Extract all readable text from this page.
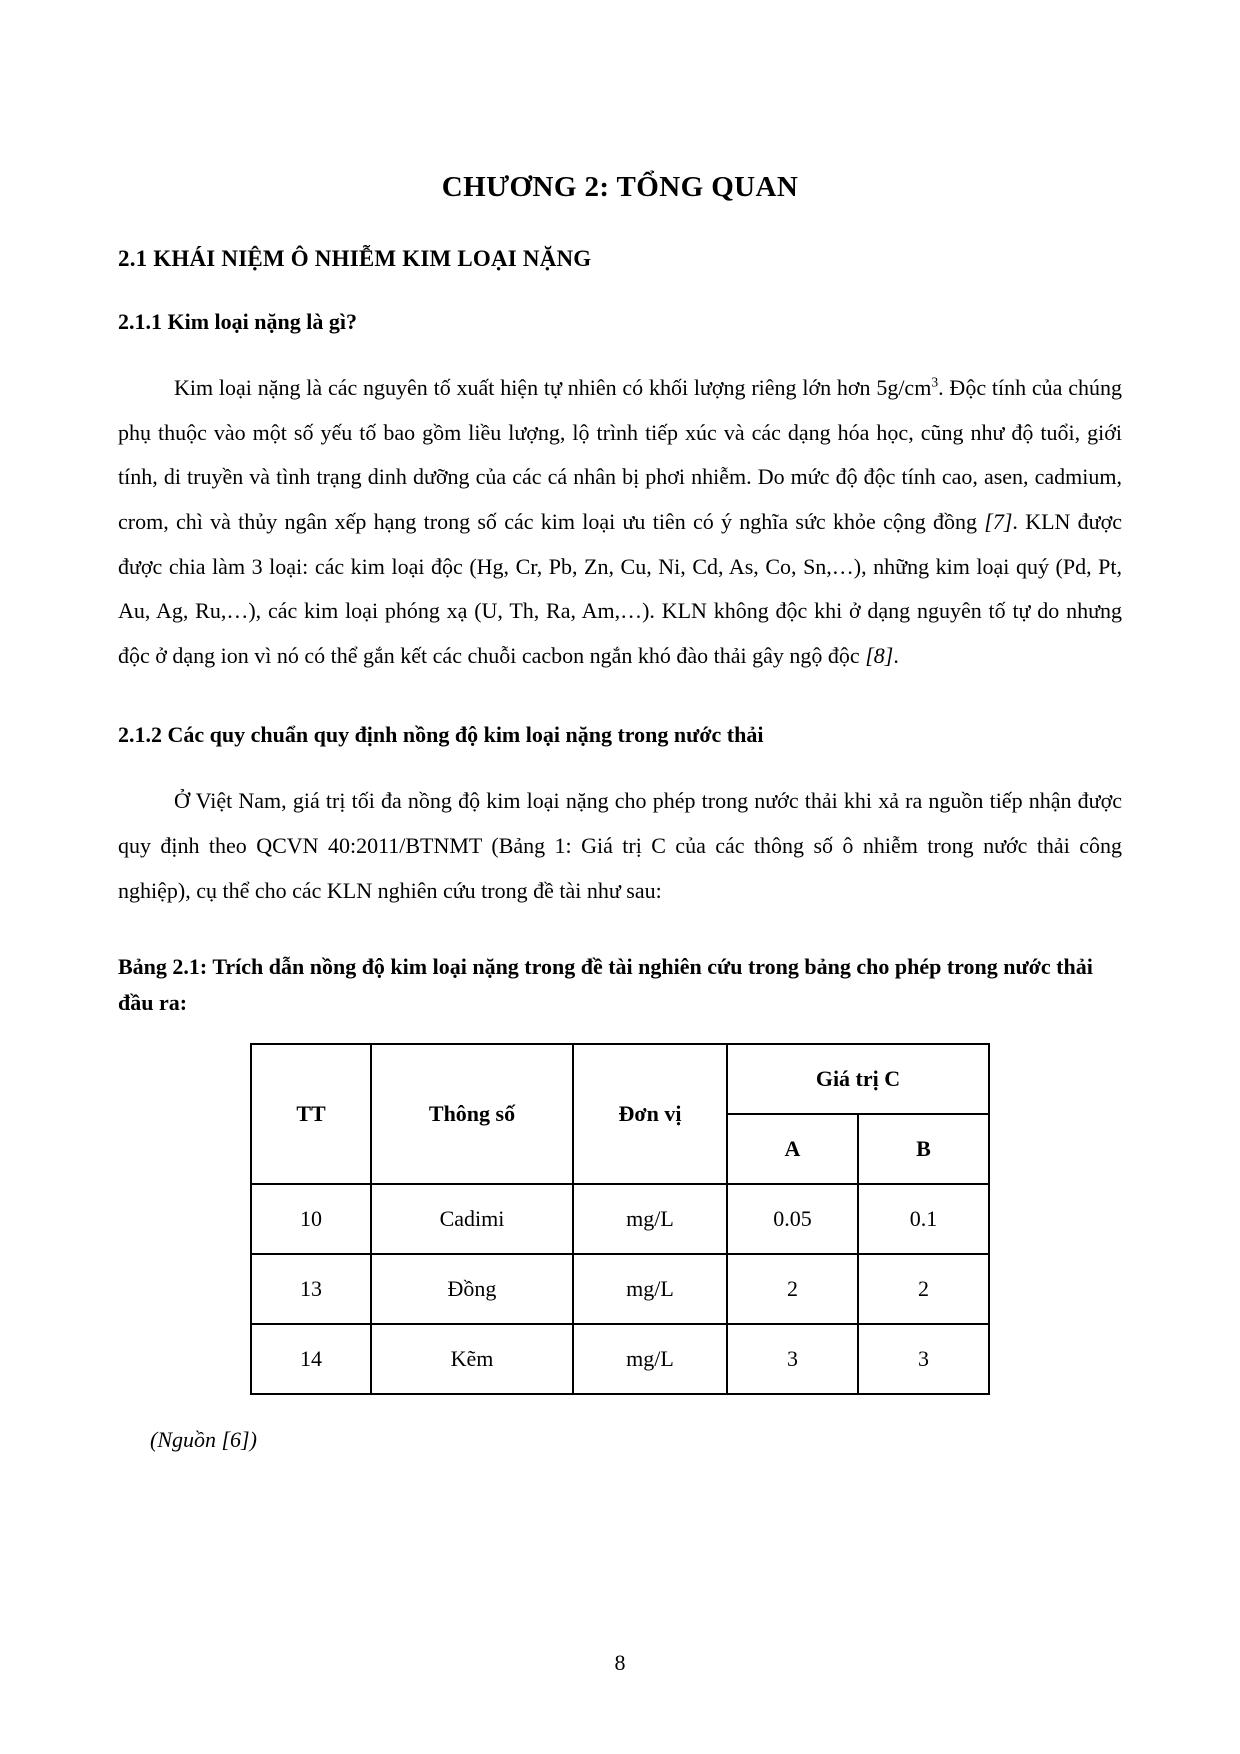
CHƯƠNG 2: TỔNG QUAN
2.1 KHÁI NIỆM Ô NHIỄM KIM LOẠI NẶNG
2.1.1 Kim loại nặng là gì?

Kim loại nặng là các nguyên tố xuất hiện tự nhiên có khối lượng riêng lớn hơn $5g/cm^3$. Độc tính của chúng phụ thuộc vào một số yếu tố bao gồm liều lượng, lộ trình tiếp xúc và các dạng hóa học, cũng như độ tuổi, giới tính, di truyền và tình trạng dinh dưỡng của các cá nhân bị phơi nhiễm. Do mức độ độc tính cao, asen, cadmium, crom, chì và thủy ngân xếp hạng trong số các kim loại ưu tiên có ý nghĩa sức khỏe cộng đồng [7]. KLN được được chia làm 3 loại: các kim loại độc (Hg, Cr, Pb, Zn, Cu, Ni, Cd, As, Co, Sn,…), những kim loại quý (Pd, Pt, Au, Ag, Ru,…), các kim loại phóng xạ (U, Th, Ra, Am,…). KLN không độc khi ở dạng nguyên tố tự do nhưng độc ở dạng ion vì nó có thể gắn kết các chuỗi cacbon ngắn khó đào thải gây ngộ độc [8].

2.1.2 Các quy chuẩn quy định nồng độ kim loại nặng trong nước thải

Ở Việt Nam, giá trị tối đa nồng độ kim loại nặng cho phép trong nước thải khi xả ra nguồn tiếp nhận được quy định theo QCVN 40:2011/BTNMT (Bảng 1: Giá trị C của các thông số ô nhiễm trong nước thải công nghiệp), cụ thể cho các KLN nghiên cứu trong đề tài như sau:

Bảng 2.1: Trích dẫn nồng độ kim loại nặng trong đề tài nghiên cứu trong bảng cho phép trong nước thải đầu ra:
TT	Thông số	Đơn vị	Giá trị C	
			A	B
10	Cadimi	mg/L	0.05	0.1
13	Đồng	mg/L	2	2
14	Kẽm	mg/L	3	3
(Nguồn [6])
8
